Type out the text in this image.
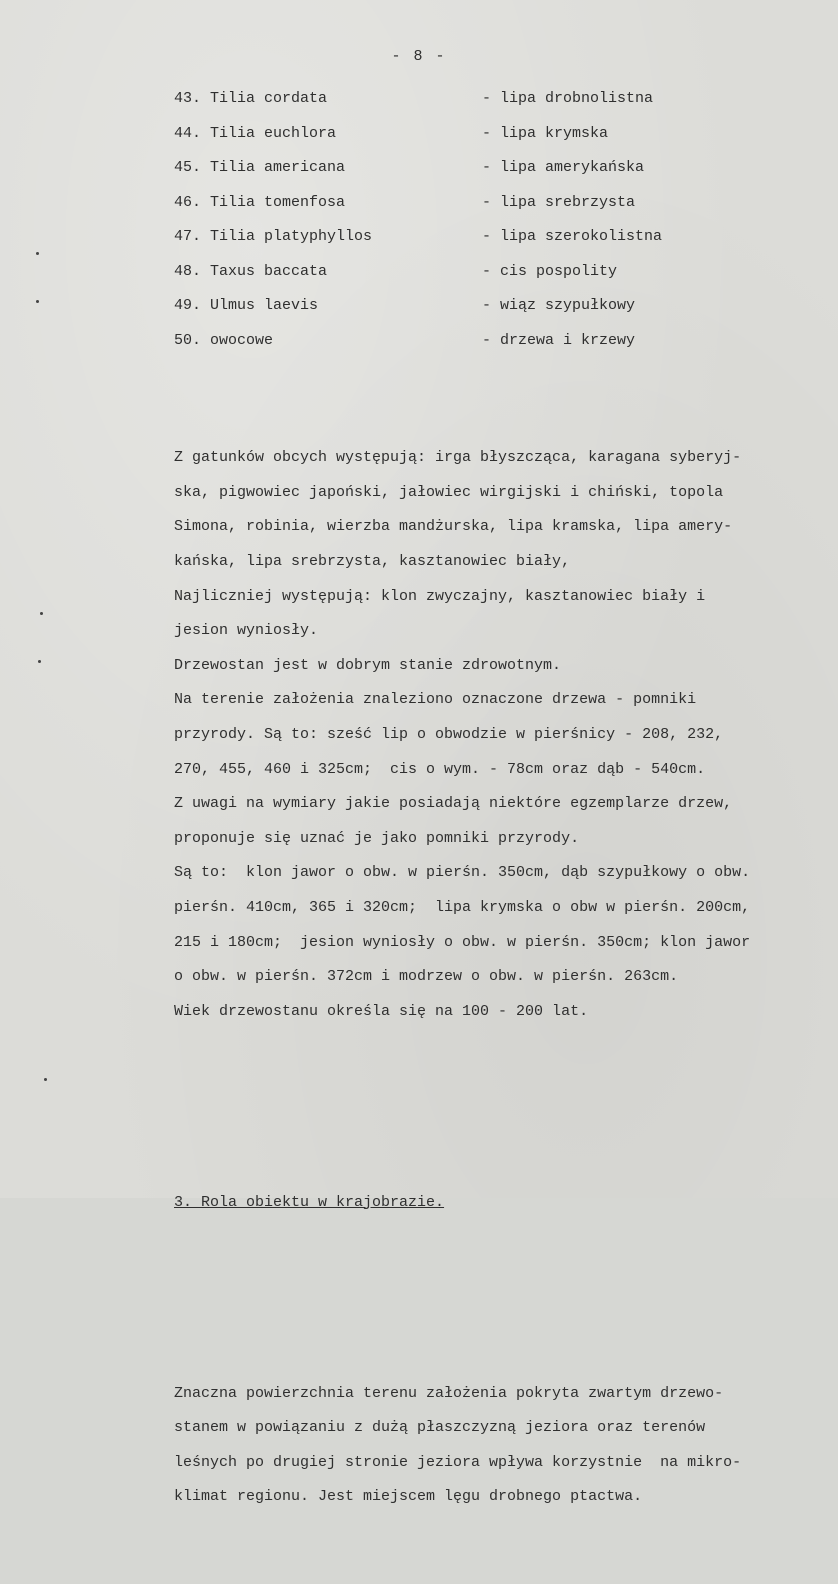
- 8 -
43. Tilia cordata	- lipa drobnolistna
44. Tilia euchlora	- lipa krymska
45. Tilia americana	- lipa amerykańska
46. Tilia tomenfosa	- lipa srebrzysta
47. Tilia platyphyllos	- lipa szerokolistna
48. Taxus baccata	- cis pospolity
49. Ulmus laevis	- wiąz szypułkowy
50. owocowe	- drzewa i krzewy

Z gatunków obcych występują: irga błyszcząca, karagana syberyj-

ska, pigwowiec japoński, jałowiec wirgijski i chiński, topola

Simona, robinia, wierzba mandżurska, lipa kramska, lipa amery-

kańska, lipa srebrzysta, kasztanowiec biały,

Najliczniej występują: klon zwyczajny, kasztanowiec biały i

jesion wyniosły.

Drzewostan jest w dobrym stanie zdrowotnym.

Na terenie założenia znaleziono oznaczone drzewa - pomniki

przyrody. Są to: sześć lip o obwodzie w pierśnicy - 208, 232,

270, 455, 460 i 325cm;  cis o wym. - 78cm oraz dąb - 540cm.

Z uwagi na wymiary jakie posiadają niektóre egzemplarze drzew,

proponuje się uznać je jako pomniki przyrody.

Są to:  klon jawor o obw. w pierśn. 350cm, dąb szypułkowy o obw.

pierśn. 410cm, 365 i 320cm;  lipa krymska o obw w pierśn. 200cm,

215 i 180cm;  jesion wyniosły o obw. w pierśn. 350cm; klon jawor

o obw. w pierśn. 372cm i modrzew o obw. w pierśn. 263cm.

Wiek drzewostanu określa się na 100 - 200 lat.

3. Rola obiektu w krajobrazie.

Znaczna powierzchnia terenu założenia pokryta zwartym drzewo-

stanem w powiązaniu z dużą płaszczyzną jeziora oraz terenów

leśnych po drugiej stronie jeziora wpływa korzystnie  na mikro-

klimat regionu. Jest miejscem lęgu drobnego ptactwa.
